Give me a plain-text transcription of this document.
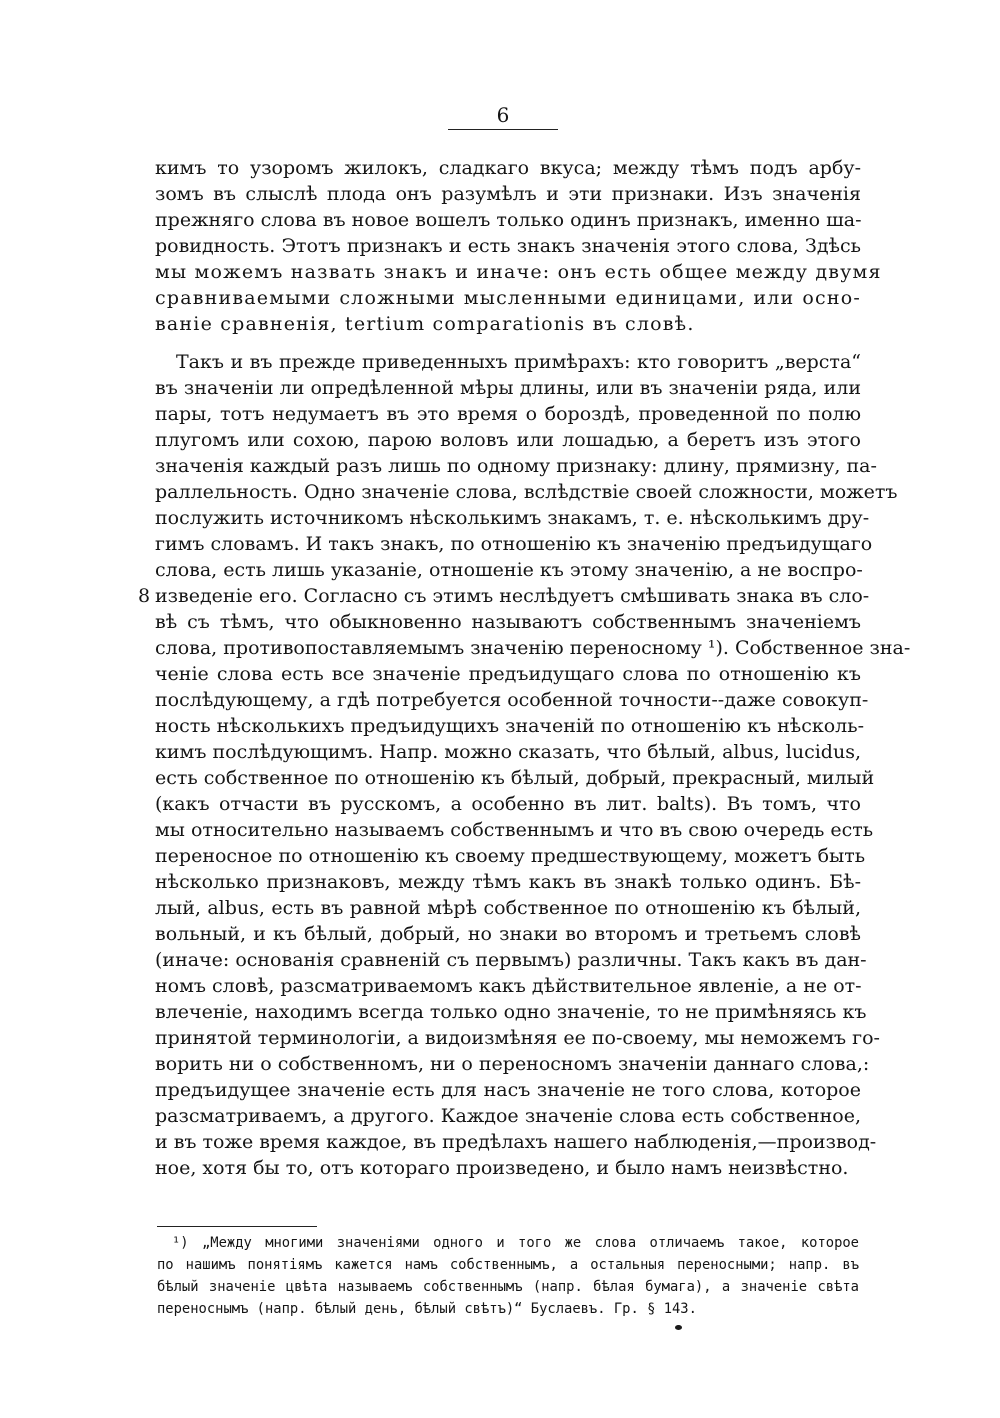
6

кимъ то узоромъ жилокъ, сладкаго вкуса; между тѣмъ подъ арбу-

зомъ въ слыслѣ плода онъ разумѣлъ и эти признаки. Изъ значенія

прежняго слова въ новое вошелъ только одинъ признакъ, именно ша-

ровидность. Этотъ признакъ и есть знакъ значенія этого слова, Здѣсь

мы можемъ назвать знакъ и иначе: онъ есть общее между двумя

сравниваемыми сложными мысленными единицами, или осно-

ваніе сравненія, tertium comparationis въ словѣ.

Такъ и въ прежде приведенныхъ примѣрахъ: кто говоритъ „верста“

въ значеніи ли опредѣленной мѣры длины, или въ значеніи ряда, или

пары, тотъ недумаетъ въ это время о бороздѣ, проведенной по полю

плугомъ или сохою, парою воловъ или лошадью, а беретъ изъ этого

значенія каждый разъ лишь по одному признаку: длину, прямизну, па-

раллельность. Одно значеніе слова, вслѣдствіе своей сложности, можетъ

послужить источникомъ нѣсколькимъ знакамъ, т. е. нѣсколькимъ дру-

гимъ словамъ. И такъ знакъ, по отношенію къ значенію предъидущаго

слова, есть лишь указаніе, отношеніе къ этому значенію, а не воспро-

изведеніе его. Согласно съ этимъ неслѣдуетъ смѣшивать знака въ сло-

вѣ съ тѣмъ, что обыкновенно называютъ собственнымъ значеніемъ

слова, противопоставляемымъ значенію переносному ¹). Собственное зна-

ченіе слова есть все значеніе предъидущаго слова по отношенію къ

послѣдующему, а гдѣ потребуется особенной точности--даже совокуп-

ность нѣсколькихъ предъидущихъ значеній по отношенію къ нѣсколь-

кимъ послѣдующимъ. Напр. можно сказать, что бѣлый, albus, lucidus,

есть собственное по отношенію къ бѣлый, добрый, прекрасный, милый

(какъ отчасти въ русскомъ, а особенно въ лит. balts). Въ томъ, что

мы относительно называемъ собственнымъ и что въ свою очередь есть

переносное по отношенію къ своему предшествующему, можетъ быть

нѣсколько признаковъ, между тѣмъ какъ въ знакѣ только одинъ. Бѣ-

лый, albus, есть въ равной мѣрѣ собственное по отношенію къ бѣлый,

вольный, и къ бѣлый, добрый, но знаки во второмъ и третьемъ словѣ

(иначе: основанія сравненій съ первымъ) различны. Такъ какъ въ дан-

номъ словѣ, разсматриваемомъ какъ дѣйствительное явленіе, а не от-

влеченіе, находимъ всегда только одно значеніе, то не примѣняясь къ

принятой терминологіи, а видоизмѣняя ее по-своему, мы неможемъ го-

ворить ни о собственномъ, ни о переносномъ значеніи даннаго слова,:

предъидущее значеніе есть для насъ значеніе не того слова, которое

разсматриваемъ, а другого. Каждое значеніе слова есть собственное,

и въ тоже время каждое, въ предѣлахъ нашего наблюденія,—производ-

ное, хотя бы то, отъ котораго произведено, и было намъ неизвѣстно.

8

¹) „Между многими значеніями одного и того же слова отличаемъ такое, которое

по нашимъ понятіямъ кажется намъ собственнымъ, а остальныя переносными; напр. въ

бѣлый значеніе цвѣта называемъ собственнымъ (напр. бѣлая бумага), а значеніе свѣта

переноснымъ (напр. бѣлый день, бѣлый свѣтъ)“ Буслаевъ. Гр. § 143.
